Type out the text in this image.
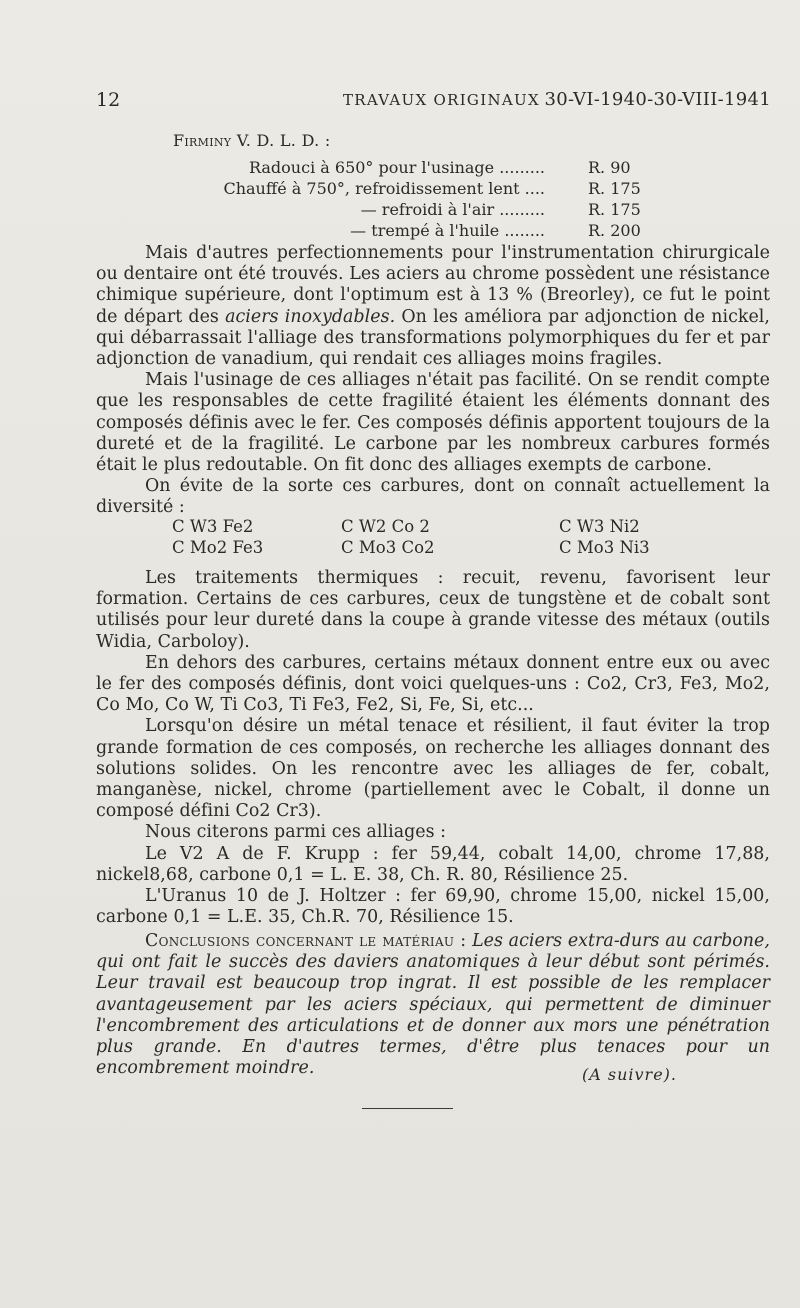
12	TRAVAUX ORIGINAUX 30-VI-1940-30-VIII-1941
Firminy V. D. L. D. :
Radouci à 650° pour l'usinage .........	R. 90
Chauffé à 750°, refroidissement lent ....	R. 175
— refroidi à l'air .........	R. 175
— trempé à l'huile ........	R. 200

Mais d'autres perfectionnements pour l'instrumentation chirurgicale ou dentaire ont été trouvés. Les aciers au chrome possèdent une résistance chimique supérieure, dont l'optimum est à 13 % (Breorley), ce fut le point de départ des aciers inoxydables. On les améliora par adjonction de nickel, qui débarrassait l'alliage des transformations polymorphiques du fer et par adjonction de vanadium, qui rendait ces alliages moins fragiles.

Mais l'usinage de ces alliages n'était pas facilité. On se rendit compte que les responsables de cette fragilité étaient les éléments donnant des composés définis avec le fer. Ces composés définis apportent toujours de la dureté et de la fragilité. Le carbone par les nombreux carbures formés était le plus redoutable. On fit donc des alliages exempts de carbone.

On évite de la sorte ces carbures, dont on connaît actuellement la diversité :

C W3 Fe2	C W2 Co 2	C W3 Ni2
C Mo2 Fe3	C Mo3 Co2	C Mo3 Ni3

Les traitements thermiques : recuit, revenu, favorisent leur formation. Certains de ces carbures, ceux de tungstène et de cobalt sont utilisés pour leur dureté dans la coupe à grande vitesse des métaux (outils Widia, Carboloy).

En dehors des carbures, certains métaux donnent entre eux ou avec le fer des composés définis, dont voici quelques-uns : Co2, Cr3, Fe3, Mo2, Co Mo, Co W, Ti Co3, Ti Fe3, Fe2, Si, Fe, Si, etc...

Lorsqu'on désire un métal tenace et résilient, il faut éviter la trop grande formation de ces composés, on recherche les alliages donnant des solutions solides. On les rencontre avec les alliages de fer, cobalt, manganèse, nickel, chrome (partiellement avec le Cobalt, il donne un composé défini Co2 Cr3).

Nous citerons parmi ces alliages :

Le V2 A de F. Krupp : fer 59,44, cobalt 14,00, chrome 17,88, nickel8,68, carbone 0,1 = L. E. 38, Ch. R. 80, Résilience 25.

L'Uranus 10 de J. Holtzer : fer 69,90, chrome 15,00, nickel 15,00, carbone 0,1 = L.E. 35, Ch.R. 70, Résilience 15.

Conclusions concernant le matériau : Les aciers extra-durs au carbone, qui ont fait le succès des daviers anatomiques à leur début sont périmés. Leur travail est beaucoup trop ingrat. Il est possible de les remplacer avantageusement par les aciers spéciaux, qui permettent de diminuer l'encombrement des articulations et de donner aux mors une pénétration plus grande. En d'autres termes, d'être plus tenaces pour un encombrement moindre.	(A suivre).
